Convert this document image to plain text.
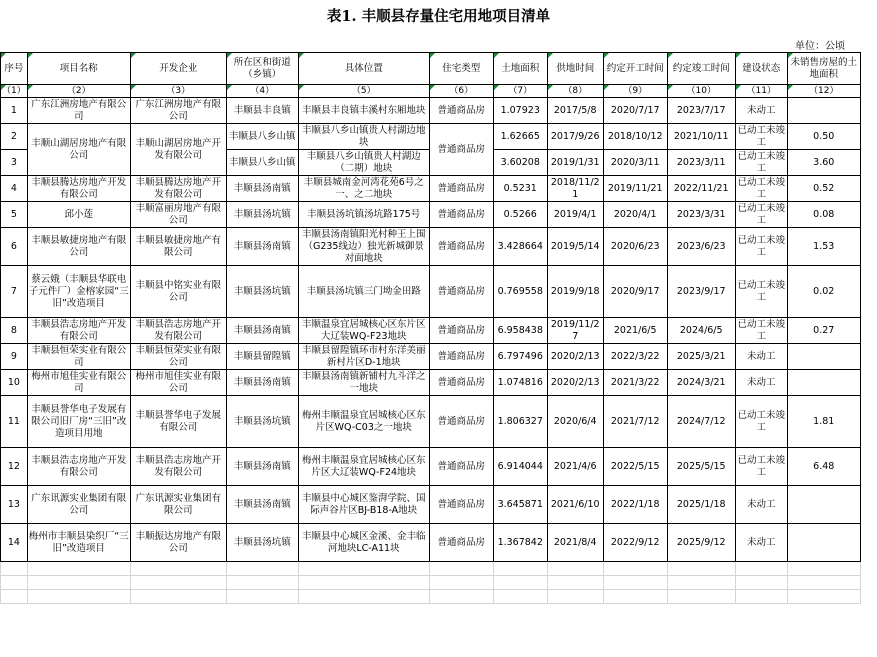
表1. 丰顺县存量住宅用地项目清单
单位：公顷
序号	项目名称	开发企业	所在区和街道（乡镇）	具体位置	住宅类型	土地面积	供地时间	约定开工时间	约定竣工时间	建设状态	未销售房屋的土地面积
（1）	（2）	（3）	（4）	（5）	（6）	（7）	（8）	（9）	（10）	（11）	（12）
1	广东江洲房地产有限公司	广东江洲房地产有限公司	丰顺县丰良镇	丰顺县丰良镇丰溪村东厢地块	普通商品房	1.07923	2017/5/8	2020/7/17	2023/7/17	未动工	
2	丰顺山湖居房地产有限公司	丰顺山湖居房地产开发有限公司	丰顺县八乡山镇	丰顺县八乡山镇贵人村湖边地块	普通商品房	1.62665	2017/9/26	2018/10/12	2021/10/11	已动工未竣工	0.50
3			丰顺县八乡山镇	丰顺县八乡山镇贵人村湖边（二期）地块		3.60208	2019/1/31	2020/3/11	2023/3/11	已动工未竣工	3.60
4	丰顺县腾达房地产开发有限公司	丰顺县腾达房地产开发有限公司	丰顺县汤南镇	丰顺县城南金河湾花苑6号之一、之二地块	普通商品房	0.5231	2018/11/21	2019/11/21	2022/11/21	已动工未竣工	0.52
5	邱小莲	丰顺富丽房地产有限公司	丰顺县汤坑镇	丰顺县汤坑镇汤坑路175号	普通商品房	0.5266	2019/4/1	2020/4/1	2023/3/31	已动工未竣工	0.08
6	丰顺县敏捷房地产有限公司	丰顺县敏捷房地产有限公司	丰顺县汤南镇	丰顺县汤南镇阳光村种王上围（G235线边）独光新城御景对面地块	普通商品房	3.428664	2019/5/14	2020/6/23	2023/6/23	已动工未竣工	1.53
7	蔡云娥（丰顺县华联电子元件厂）金榕家园“三旧”改造项目	丰顺县中铭实业有限公司	丰顺县汤坑镇	丰顺县汤坑镇三门坳金田路	普通商品房	0.769558	2019/9/18	2020/9/17	2023/9/17	已动工未竣工	0.02
8	丰顺县浩志房地产开发有限公司	丰顺县浩志房地产开发有限公司	丰顺县汤南镇	丰顺温泉宜居城核心区东片区大辽装WQ-F23地块	普通商品房	6.958438	2019/11/27	2021/6/5	2024/6/5	已动工未竣工	0.27
9	丰顺县恒荣实业有限公司	丰顺县恒荣实业有限公司	丰顺县留隍镇	丰顺县留隍镇环市村东洋美丽新村片区D-1地块	普通商品房	6.797496	2020/2/13	2022/3/22	2025/3/21	未动工	
10	梅州市旭佳实业有限公司	梅州市旭佳实业有限公司	丰顺县汤南镇	丰顺县汤南镇新铺村九斗洋之一地块	普通商品房	1.074816	2020/2/13	2021/3/22	2024/3/21	未动工	
11	丰顺县誉华电子发展有限公司旧厂房“三旧”改造项目用地	丰顺县誉华电子发展有限公司	丰顺县汤坑镇	梅州丰顺温泉宜居城核心区东片区WQ-C03之一地块	普通商品房	1.806327	2020/6/4	2021/7/12	2024/7/12	已动工未竣工	1.81
12	丰顺县浩志房地产开发有限公司	丰顺县浩志房地产开发有限公司	丰顺县汤南镇	梅州丰顺温泉宜居城核心区东片区大辽装WQ-F24地块	普通商品房	6.914044	2021/4/6	2022/5/15	2025/5/15	已动工未竣工	6.48
13	广东讯源实业集团有限公司	广东讯源实业集团有限公司	丰顺县汤南镇	丰顺县中心城区鉴湃学院、国际声谷片区BJ-B18-A地块	普通商品房	3.645871	2021/6/10	2022/1/18	2025/1/18	未动工	
14	梅州市丰顺县染织厂“三旧”改造项目	丰顺振达房地产有限公司	丰顺县汤坑镇	丰顺县中心城区金溪、金丰临河地块LC-A11块	普通商品房	1.367842	2021/8/4	2022/9/12	2025/9/12	未动工	
